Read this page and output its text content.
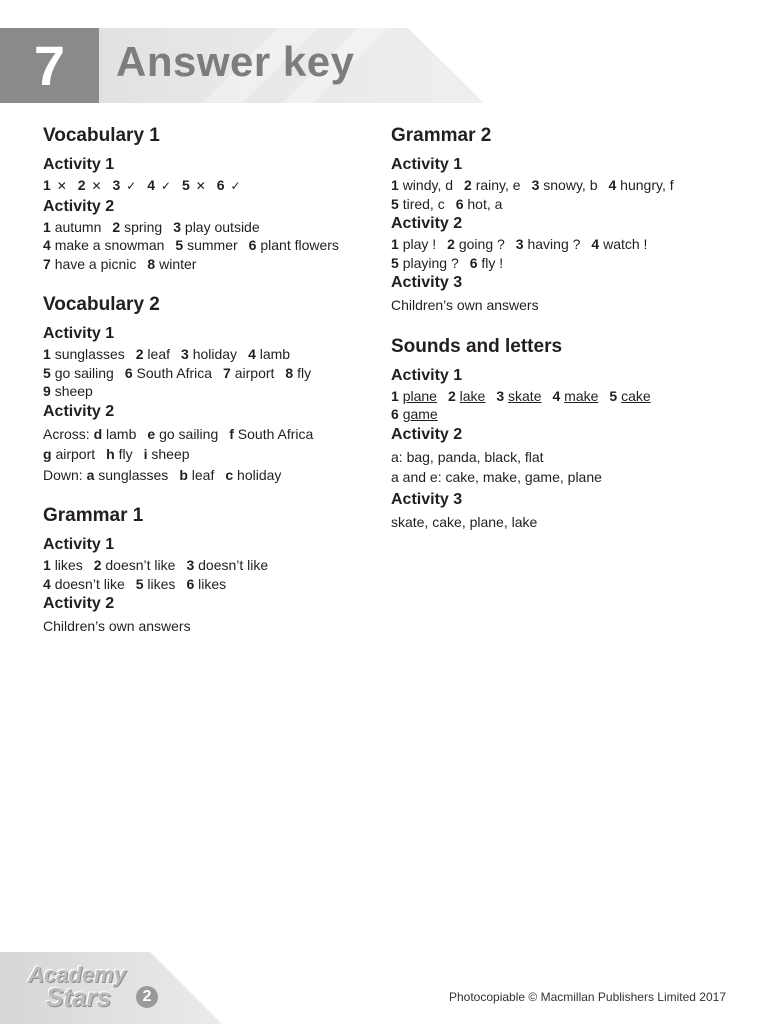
7	Answer key
Vocabulary 1
Activity 1
1 ✕ 2 ✕ 3 ✓ 4 ✓ 5 ✕ 6 ✓
Activity 2
1 autumn 2 spring 3 play outside
4 make a snowman 5 summer 6 plant flowers
7 have a picnic 8 winter
Vocabulary 2
Activity 1
1 sunglasses 2 leaf 3 holiday 4 lamb
5 go sailing 6 South Africa 7 airport 8 fly
9 sheep
Activity 2
Across: d lamb e go sailing f South Africa
g airport h fly i sheep
Down: a sunglasses b leaf c holiday
Grammar 1
Activity 1
1 likes 2 doesn’t like 3 doesn’t like
4 doesn’t like 5 likes 6 likes
Activity 2
Children’s own answers
Grammar 2
Activity 1
1 windy, d 2 rainy, e 3 snowy, b 4 hungry, f
5 tired, c 6 hot, a
Activity 2
1 play ! 2 going ? 3 having ? 4 watch !
5 playing ? 6 fly !
Activity 3
Children’s own answers
Sounds and letters
Activity 1
1 plane 2 lake 3 skate 4 make 5 cake
6 game
Activity 2
a: bag, panda, black, flat
a and e: cake, make, game, plane
Activity 3
skate, cake, plane, lake
Academy
Stars	2	Photocopiable © Macmillan Publishers Limited 2017
